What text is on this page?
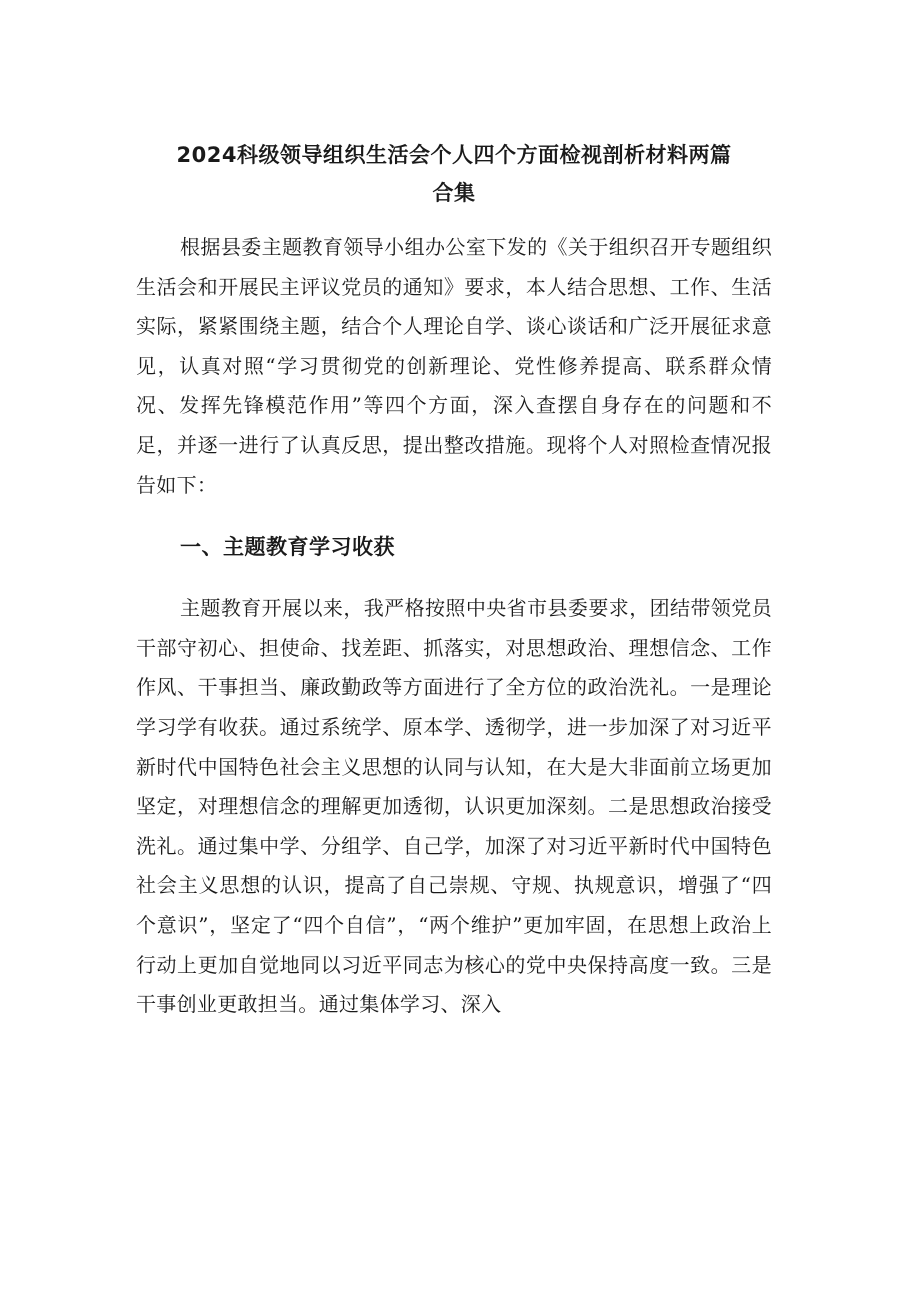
2024科级领导组织生活会个人四个方面检视剖析材料两篇
合集

根据县委主题教育领导小组办公室下发的《关于组织召开专题组织生活会和开展民主评议党员的通知》要求，本人结合思想、工作、生活实际，紧紧围绕主题，结合个人理论自学、谈心谈话和广泛开展征求意见，认真对照“学习贯彻党的创新理论、党性修养提高、联系群众情况、发挥先锋模范作用”等四个方面，深入查摆自身存在的问题和不足，并逐一进行了认真反思，提出整改措施。现将个人对照检查情况报告如下：

一、主题教育学习收获

主题教育开展以来，我严格按照中央省市县委要求，团结带领党员干部守初心、担使命、找差距、抓落实，对思想政治、理想信念、工作作风、干事担当、廉政勤政等方面进行了全方位的政治洗礼。一是理论学习学有收获。通过系统学、原本学、透彻学，进一步加深了对习近平新时代中国特色社会主义思想的认同与认知，在大是大非面前立场更加坚定，对理想信念的理解更加透彻，认识更加深刻。二是思想政治接受洗礼。通过集中学、分组学、自己学，加深了对习近平新时代中国特色社会主义思想的认识，提高了自己崇规、守规、执规意识，增强了“四个意识”，坚定了“四个自信”，“两个维护”更加牢固，在思想上政治上行动上更加自觉地同以习近平同志为核心的党中央保持高度一致。三是干事创业更敢担当。通过集体学习、深入
